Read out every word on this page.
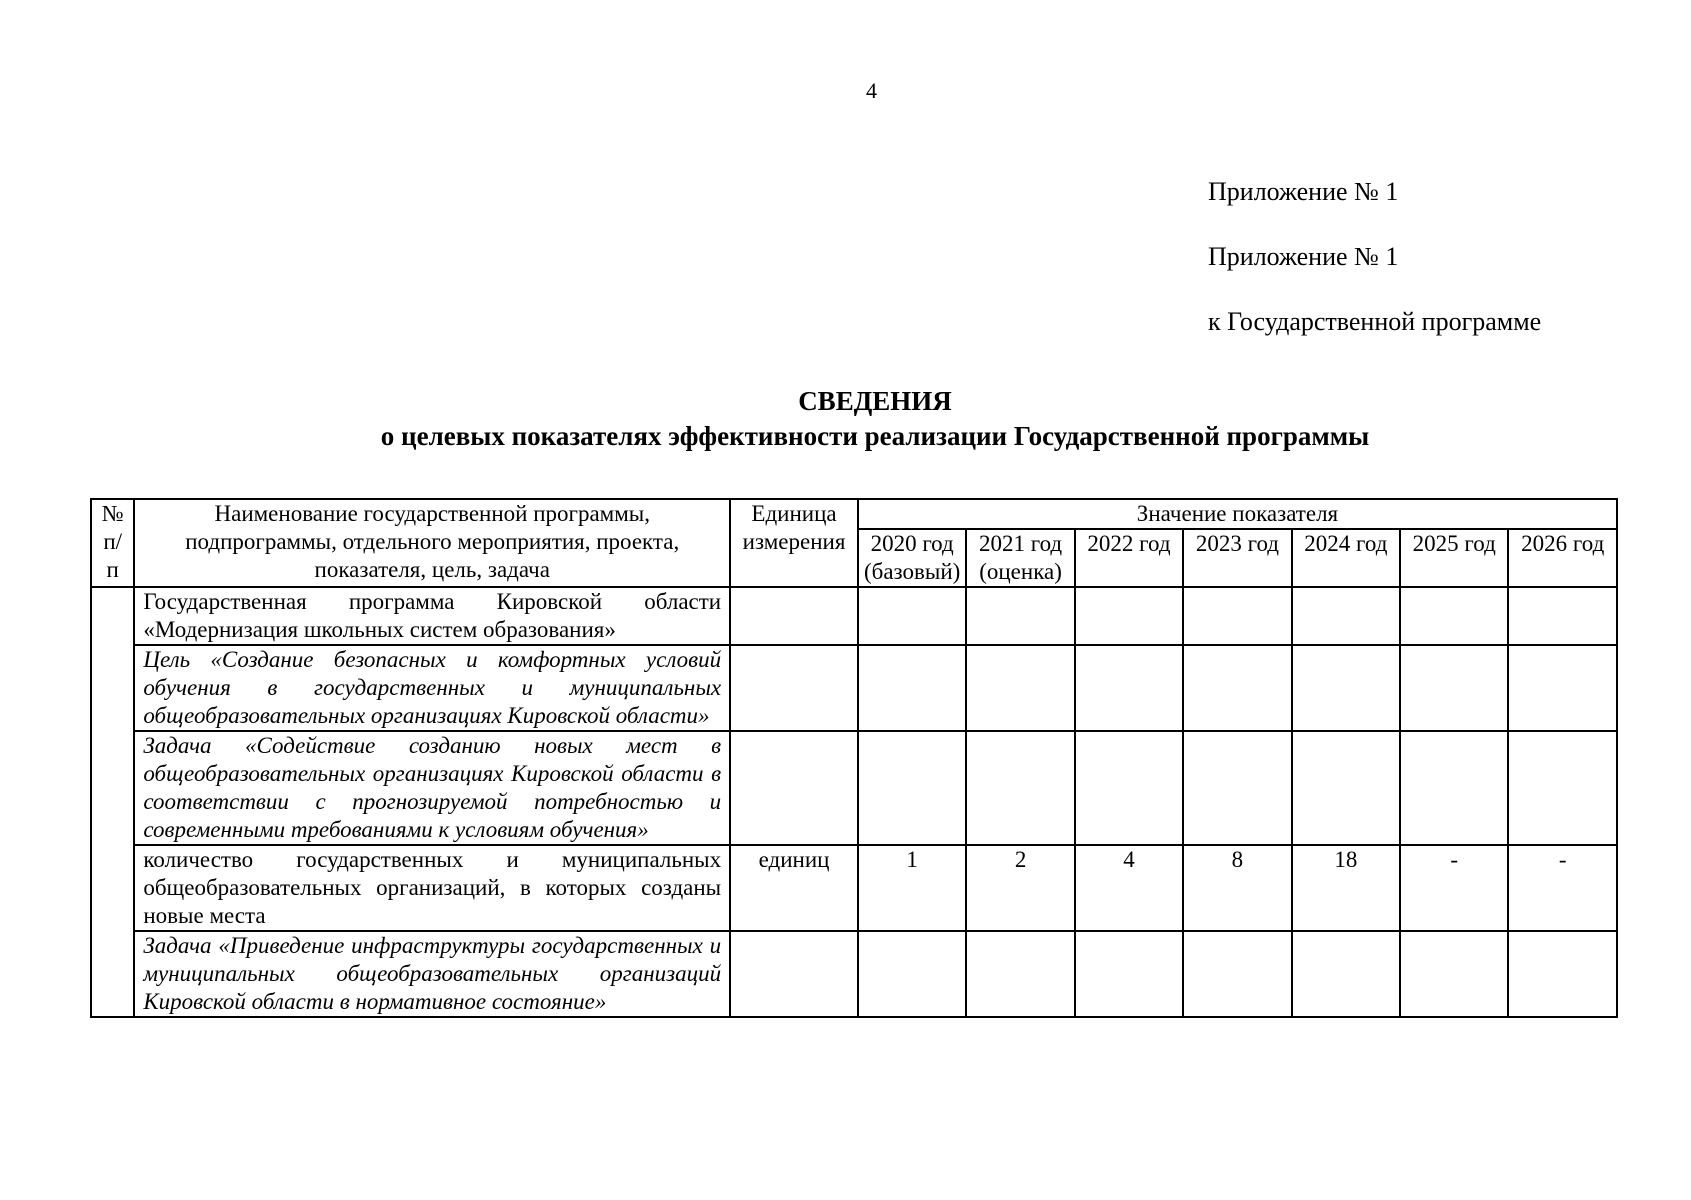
4
Приложение № 1
Приложение № 1
к Государственной программе
СВЕДЕНИЯ
о целевых показателях эффективности реализации Государственной программы
№ п/п	Наименование государственной программы, подпрограммы, отдельного мероприятия, проекта, показателя, цель, задача	Единица измерения	Значение показателя						
			2020 год (базовый)	2021 год (оценка)	2022 год	2023 год	2024 год	2025 год	2026 год
	Государственная программа Кировской области «Модернизация школьных систем образования»								
	Цель «Создание безопасных и комфортных условий обучения в государственных и муниципальных общеобразовательных организациях Кировской области»								
	Задача «Содействие созданию новых мест в общеобразовательных организациях Кировской области в соответствии с прогнозируемой потребностью и современными требованиями к условиям обучения»								
	количество государственных и муниципальных общеобразовательных организаций, в которых созданы новые места	единиц	1	2	4	8	18	-	-
	Задача «Приведение инфраструктуры государственных и муниципальных общеобразовательных организаций Кировской области в нормативное состояние»								
